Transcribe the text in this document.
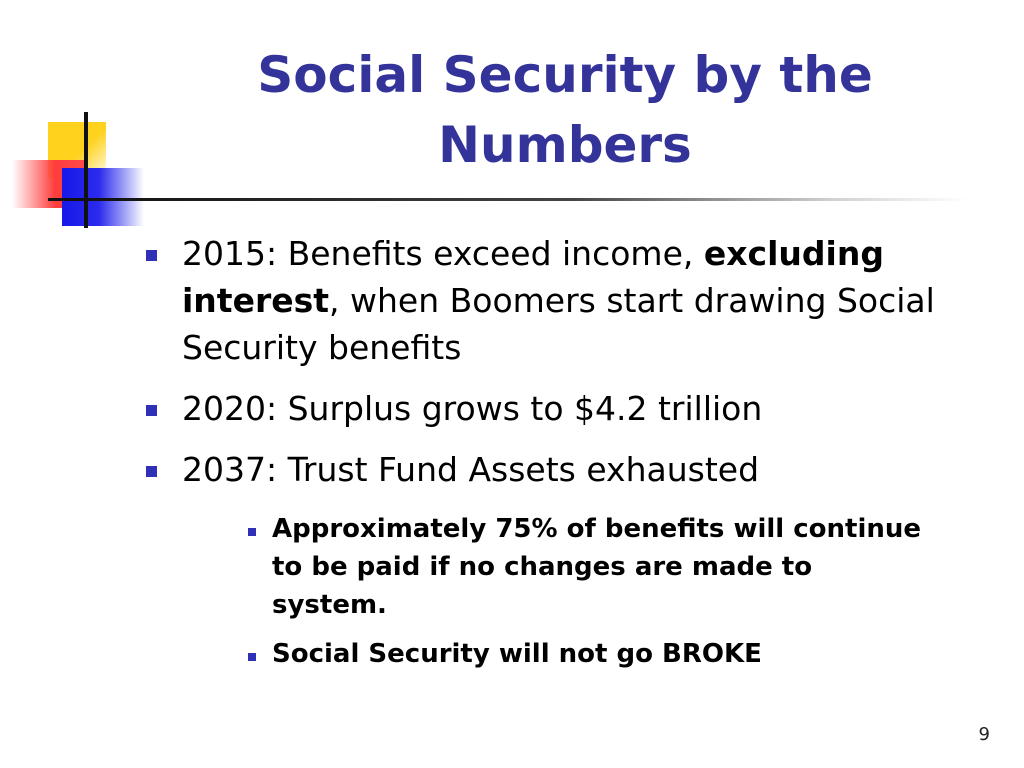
Social Security by the Numbers
2015: Benefits exceed income, excluding interest, when Boomers start drawing Social Security benefits
2020: Surplus grows to $4.2 trillion
2037: Trust Fund Assets exhausted
Approximately 75% of benefits will continue to be paid if no changes are made to system.
Social Security will not go BROKE
9
